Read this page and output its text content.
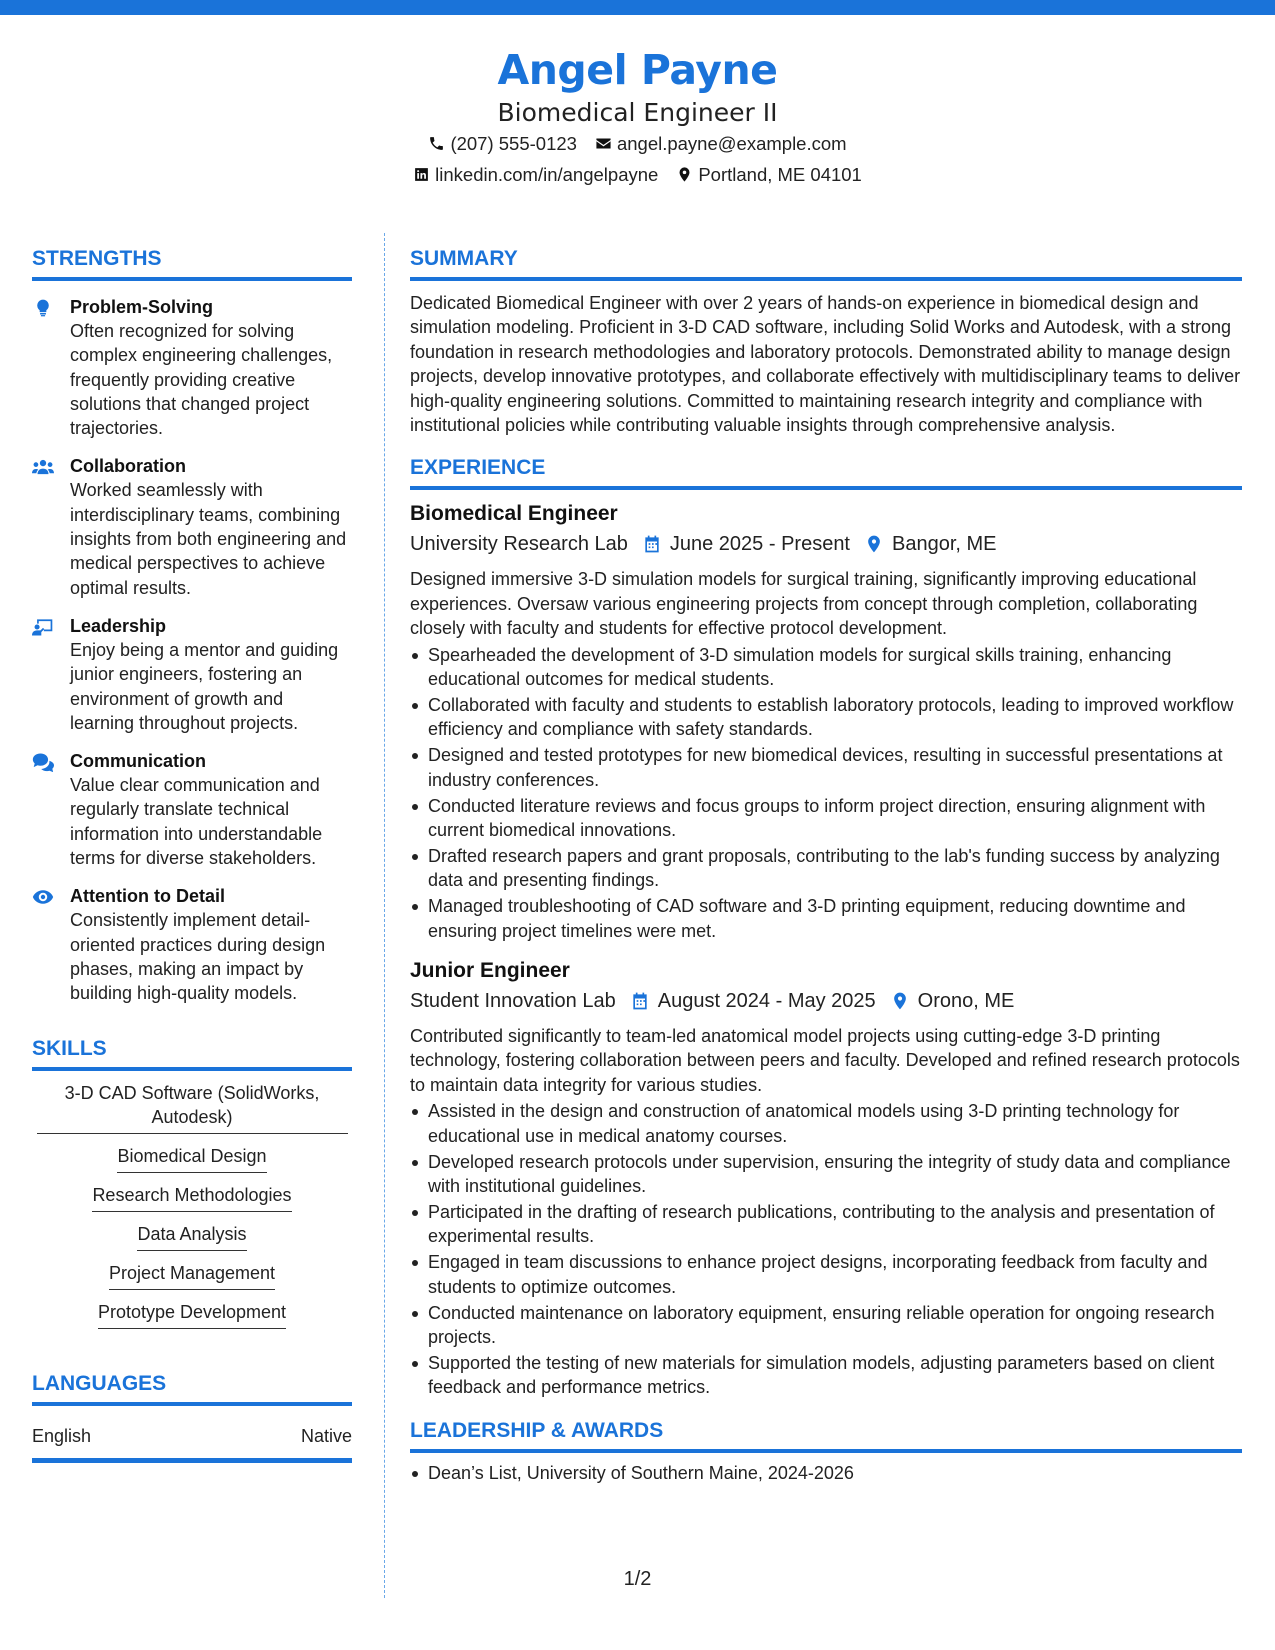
Angel Payne
Biomedical Engineer II
(207) 555-0123 angel.payne@example.com
linkedin.com/in/angelpayne Portland, ME 04101
STRENGTHS
Problem-Solving
Often recognized for solving complex engineering challenges, frequently providing creative solutions that changed project trajectories.
Collaboration
Worked seamlessly with interdisciplinary teams, combining insights from both engineering and medical perspectives to achieve optimal results.
Leadership
Enjoy being a mentor and guiding junior engineers, fostering an environment of growth and learning throughout projects.
Communication
Value clear communication and regularly translate technical information into understandable terms for diverse stakeholders.
Attention to Detail
Consistently implement detail-oriented practices during design phases, making an impact by building high-quality models.
SKILLS
3-D CAD Software (SolidWorks, Autodesk)
Biomedical Design
Research Methodologies
Data Analysis
Project Management
Prototype Development
LANGUAGES
English	Native
SUMMARY
Dedicated Biomedical Engineer with over 2 years of hands-on experience in biomedical design and simulation modeling. Proficient in 3-D CAD software, including Solid Works and Autodesk, with a strong foundation in research methodologies and laboratory protocols. Demonstrated ability to manage design projects, develop innovative prototypes, and collaborate effectively with multidisciplinary teams to deliver high-quality engineering solutions. Committed to maintaining research integrity and compliance with institutional policies while contributing valuable insights through comprehensive analysis.
EXPERIENCE
Biomedical Engineer
University Research Lab June 2025 - Present Bangor, ME
Designed immersive 3-D simulation models for surgical training, significantly improving educational experiences. Oversaw various engineering projects from concept through completion, collaborating closely with faculty and students for effective protocol development.
Spearheaded the development of 3-D simulation models for surgical skills training, enhancing educational outcomes for medical students.
Collaborated with faculty and students to establish laboratory protocols, leading to improved workflow efficiency and compliance with safety standards.
Designed and tested prototypes for new biomedical devices, resulting in successful presentations at industry conferences.
Conducted literature reviews and focus groups to inform project direction, ensuring alignment with current biomedical innovations.
Drafted research papers and grant proposals, contributing to the lab's funding success by analyzing data and presenting findings.
Managed troubleshooting of CAD software and 3-D printing equipment, reducing downtime and ensuring project timelines were met.
Junior Engineer
Student Innovation Lab August 2024 - May 2025 Orono, ME
Contributed significantly to team-led anatomical model projects using cutting-edge 3-D printing technology, fostering collaboration between peers and faculty. Developed and refined research protocols to maintain data integrity for various studies.
Assisted in the design and construction of anatomical models using 3-D printing technology for educational use in medical anatomy courses.
Developed research protocols under supervision, ensuring the integrity of study data and compliance with institutional guidelines.
Participated in the drafting of research publications, contributing to the analysis and presentation of experimental results.
Engaged in team discussions to enhance project designs, incorporating feedback from faculty and students to optimize outcomes.
Conducted maintenance on laboratory equipment, ensuring reliable operation for ongoing research projects.
Supported the testing of new materials for simulation models, adjusting parameters based on client feedback and performance metrics.
LEADERSHIP & AWARDS
Dean’s List, University of Southern Maine, 2024-2026
1/2
